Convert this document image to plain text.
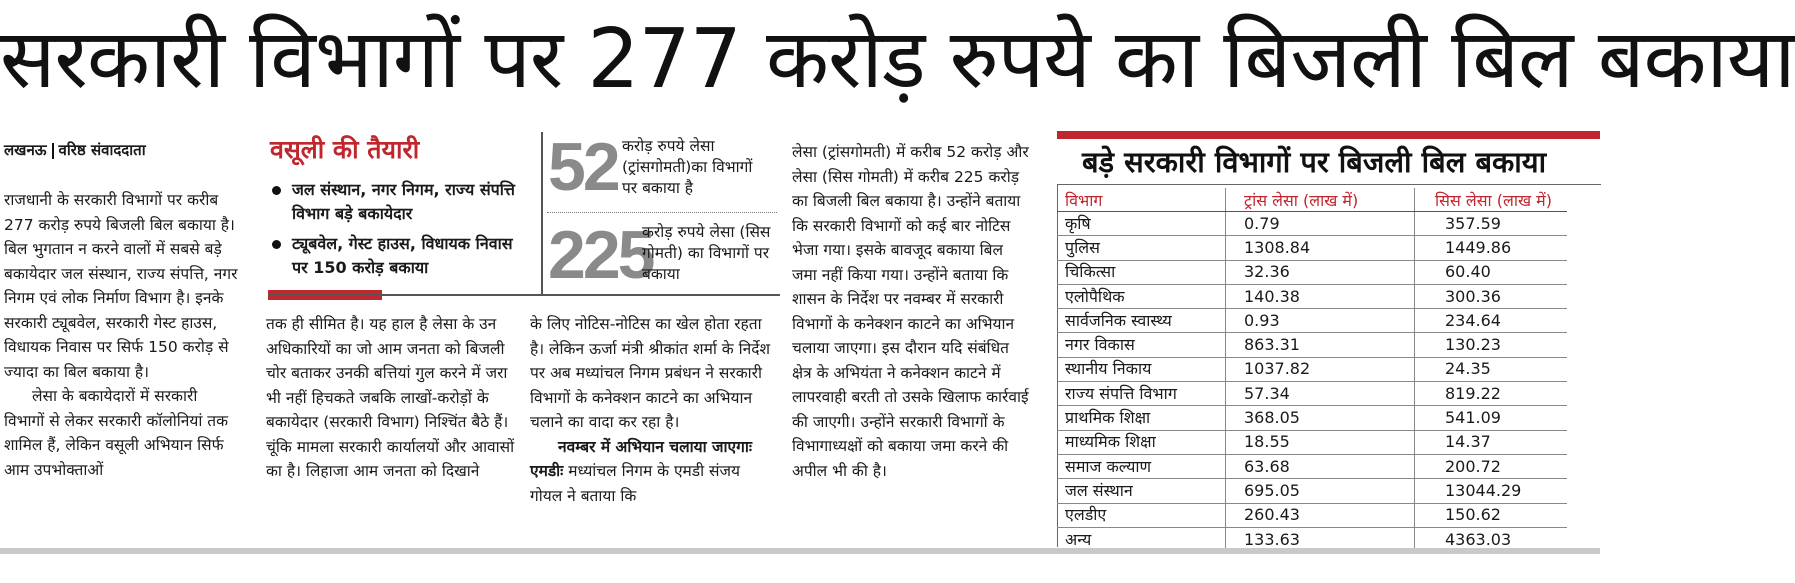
सरकारी विभागों पर 277 करोड़ रुपये का बिजली बिल बकाया
लखनऊ वरिष्ठ संवाददाता

राजधानी के सरकारी विभागों पर करीब 277 करोड़ रुपये बिजली बिल बकाया है। बिल भुगतान न करने वालों में सबसे बड़े बकायेदार जल संस्थान, राज्य संपत्ति, नगर निगम एवं लोक निर्माण विभाग है। इनके सरकारी ट्यूबवेल, सरकारी गेस्ट हाउस, विधायक निवास पर सिर्फ 150 करोड़ से ज्यादा का बिल बकाया है।

लेसा के बकायेदारों में सरकारी विभागों से लेकर सरकारी कॉलोनियां तक शामिल हैं, लेकिन वसूली अभियान सिर्फ आम उपभोक्ताओं

वसूली की तैयारी
जल संस्थान, नगर निगम, राज्य संपत्ति विभाग बड़े बकायेदार
ट्यूबवेल, गेस्ट हाउस, विधायक निवास पर 150 करोड़ बकाया
52 करोड़ रुपये लेसा (ट्रांसगोमती)का विभागों पर बकाया है
225
करोड़ रुपये लेसा (सिस गोमती) का विभागों पर बकाया

तक ही सीमित है। यह हाल है लेसा के उन अधिकारियों का जो आम जनता को बिजली चोर बताकर उनकी बत्तियां गुल करने में जरा भी नहीं हिचकते जबकि लाखों-करोड़ों के बकायेदार (सरकारी विभाग) निश्चिंत बैठे हैं। चूंकि मामला सरकारी कार्यालयों और आवासों का है। लिहाजा आम जनता को दिखाने

के लिए नोटिस-नोटिस का खेल होता रहता है। लेकिन ऊर्जा मंत्री श्रीकांत शर्मा के निर्देश पर अब मध्यांचल निगम प्रबंधन ने सरकारी विभागों के कनेक्शन काटने का अभियान चलाने का वादा कर रहा है।

नवम्बर में अभियान चलाया जाएगाः एमडीः मध्यांचल निगम के एमडी संजय गोयल ने बताया कि

लेसा (ट्रांसगोमती) में करीब 52 करोड़ और लेसा (सिस गोमती) में करीब 225 करोड़ का बिजली बिल बकाया है। उन्होंने बताया कि सरकारी विभागों को कई बार नोटिस भेजा गया। इसके बावजूद बकाया बिल जमा नहीं किया गया। उन्होंने बताया कि शासन के निर्देश पर नवम्बर में सरकारी विभागों के कनेक्शन काटने का अभियान चलाया जाएगा। इस दौरान यदि संबंधित क्षेत्र के अभियंता ने कनेक्शन काटने में लापरवाही बरती तो उसके खिलाफ कार्रवाई की जाएगी। उन्होंने सरकारी विभागों के विभागाध्यक्षों को बकाया जमा करने की अपील भी की है।

बड़े सरकारी विभागों पर बिजली बिल बकाया
विभाग	ट्रांस लेसा (लाख में)	सिस लेसा (लाख में)
कृषि	0.79	357.59
पुलिस	1308.84	1449.86
चिकित्सा	32.36	60.40
एलोपैथिक	140.38	300.36
सार्वजनिक स्वास्थ्य	0.93	234.64
नगर विकास	863.31	130.23
स्थानीय निकाय	1037.82	24.35
राज्य संपत्ति विभाग	57.34	819.22
प्राथमिक शिक्षा	368.05	541.09
माध्यमिक शिक्षा	18.55	14.37
समाज कल्याण	63.68	200.72
जल संस्थान	695.05	13044.29
एलडीए	260.43	150.62
अन्य	133.63	4363.03
